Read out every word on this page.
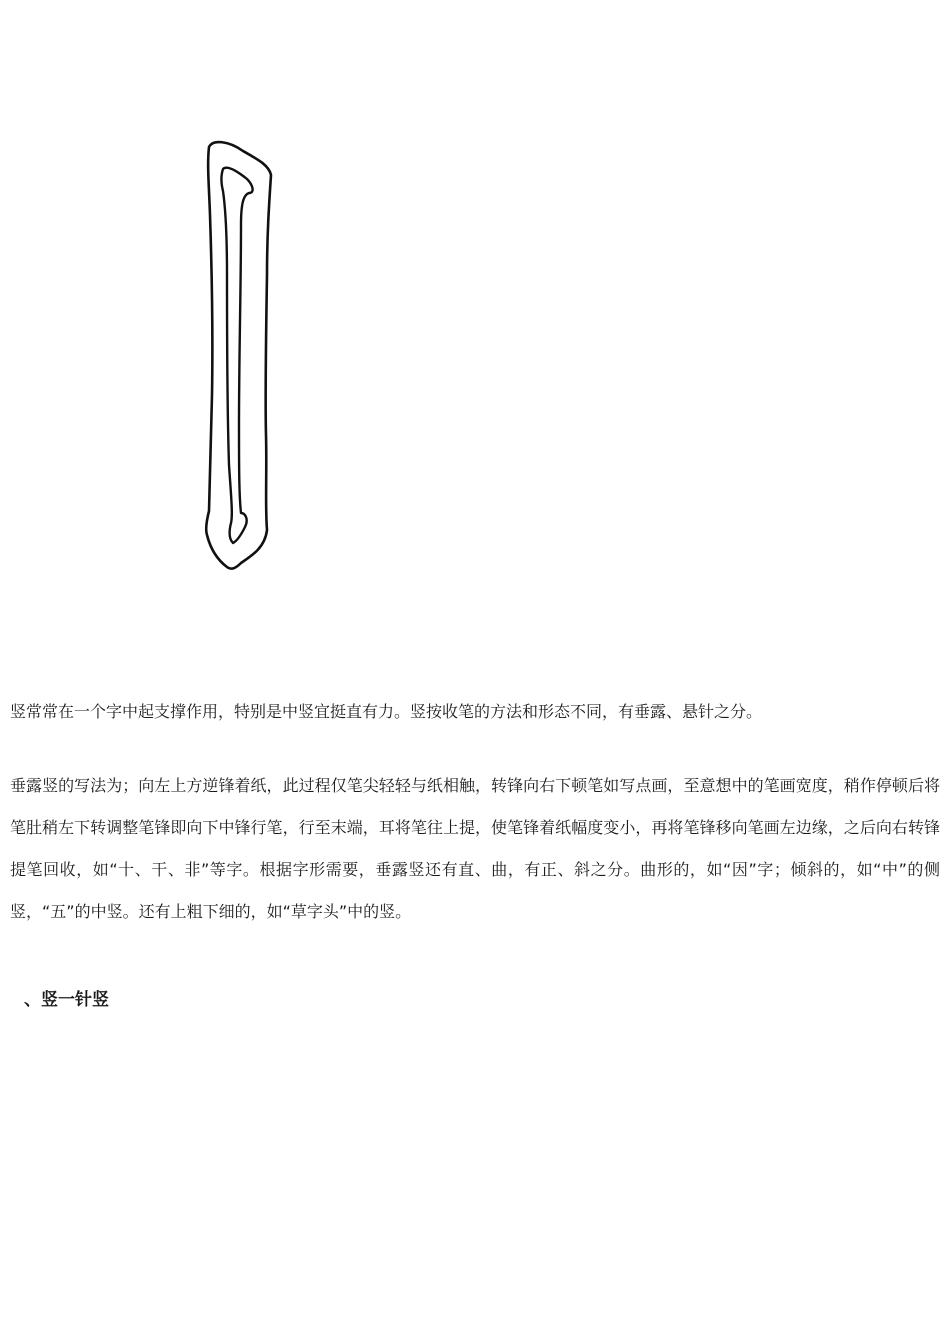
竖常常在一个字中起支撑作用，特别是中竖宜挺直有力。竖按收笔的方法和形态不同，有垂露、悬针之分。

垂露竖的写法为；向左上方逆锋着纸，此过程仅笔尖轻轻与纸相触，转锋向右下顿笔如写点画，至意想中的笔画宽度，稍作停顿后将笔肚稍左下转调整笔锋即向下中锋行笔，行至末端，耳将笔往上提，使笔锋着纸幅度变小，再将笔锋移向笔画左边缘，之后向右转锋提笔回收，如“十、干、非”等字。根据字形需要，垂露竖还有直、曲，有正、斜之分。曲形的，如“因”字；倾斜的，如“中”的侧竖，“五”的中竖。还有上粗下细的，如“草字头”中的竖。

、竖一针竖
